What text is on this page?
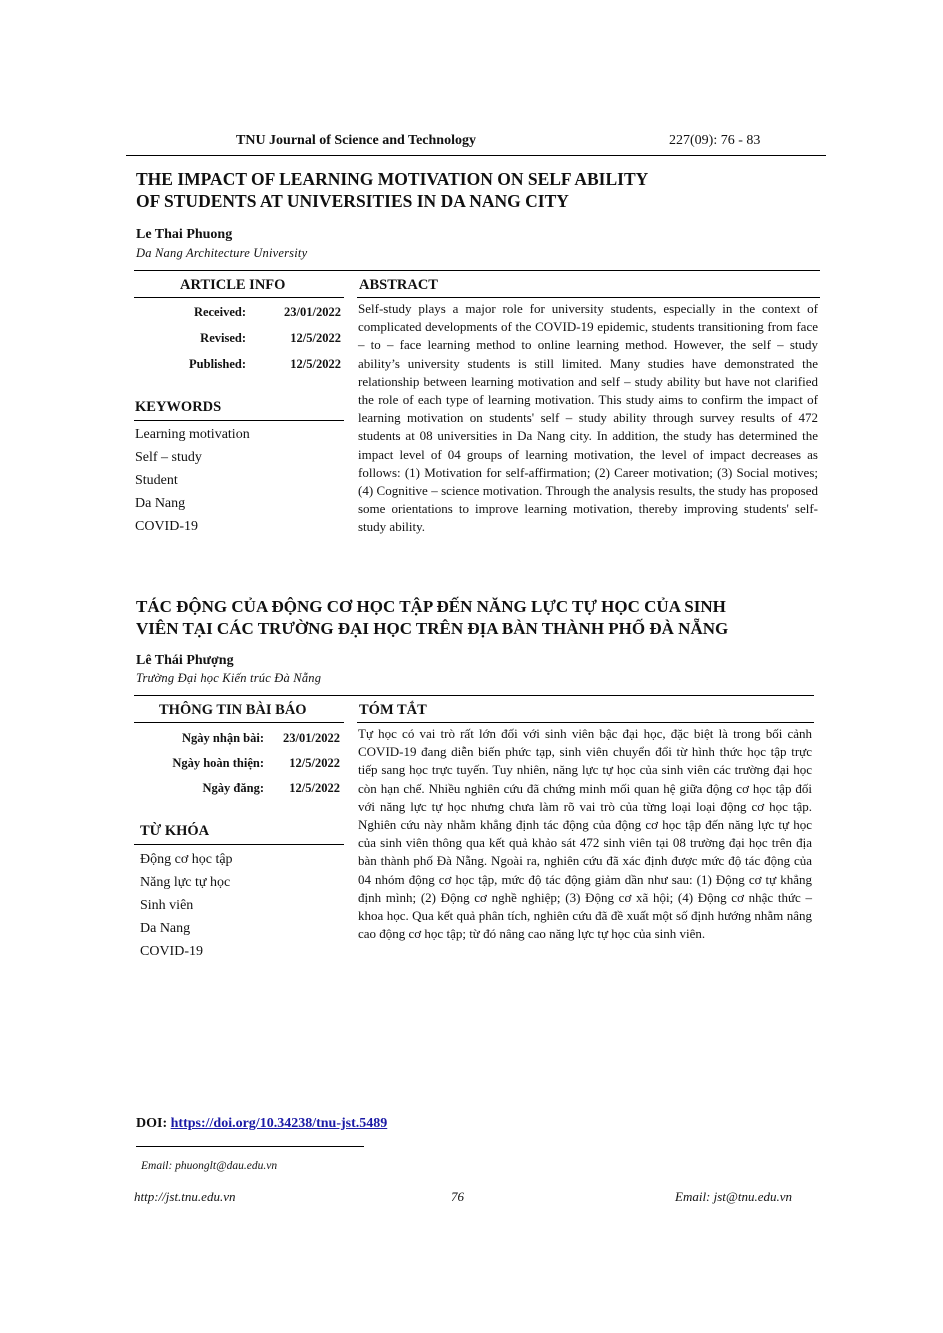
TNU Journal of Science and Technology	227(09): 76 - 83
THE IMPACT OF LEARNING MOTIVATION ON SELF ABILITY
OF STUDENTS AT UNIVERSITIES IN DA NANG CITY
Le Thai Phuong
Da Nang Architecture University
ARTICLE INFO	ABSTRACT
Received:	23/01/2022
Revised:	12/5/2022
Published:	12/5/2022
KEYWORDS
Learning motivation
Self – study
Student
Da Nang
COVID-19

Self-study plays a major role for university students, especially in the context of complicated developments of the COVID-19 epidemic, students transitioning from face – to – face learning method to online learning method. However, the self – study ability’s university students is still limited. Many studies have demonstrated the relationship between learning motivation and self – study ability but have not clarified the role of each type of learning motivation. This study aims to confirm the impact of learning motivation on students' self – study ability through survey results of 472 students at 08 universities in Da Nang city. In addition, the study has determined the impact level of 04 groups of learning motivation, the level of impact decreases as follows: (1) Motivation for self-affirmation; (2) Career motivation; (3) Social motives; (4) Cognitive – science motivation. Through the analysis results, the study has proposed some orientations to improve learning motivation, thereby improving students' self-study ability.

TÁC ĐỘNG CỦA ĐỘNG CƠ HỌC TẬP ĐẾN NĂNG LỰC TỰ HỌC CỦA SINH
VIÊN TẠI CÁC TRƯỜNG ĐẠI HỌC TRÊN ĐỊA BÀN THÀNH PHỐ ĐÀ NẴNG
Lê Thái Phượng
Trường Đại học Kiến trúc Đà Nẵng
THÔNG TIN BÀI BÁO	TÓM TẮT
Ngày nhận bài:	23/01/2022
Ngày hoàn thiện:	12/5/2022
Ngày đăng:	12/5/2022
TỪ KHÓA
Động cơ học tập
Năng lực tự học
Sinh viên
Da Nang
COVID-19

Tự học có vai trò rất lớn đối với sinh viên bậc đại học, đặc biệt là trong bối cảnh COVID-19 đang diễn biến phức tạp, sinh viên chuyển đổi từ hình thức học tập trực tiếp sang học trực tuyến. Tuy nhiên, năng lực tự học của sinh viên các trường đại học còn hạn chế. Nhiều nghiên cứu đã chứng minh mối quan hệ giữa động cơ học tập đối với năng lực tự học nhưng chưa làm rõ vai trò của từng loại loại động cơ học tập. Nghiên cứu này nhằm khẳng định tác động của động cơ học tập đến năng lực tự học của sinh viên thông qua kết quả khảo sát 472 sinh viên tại 08 trường đại học trên địa bàn thành phố Đà Nẵng. Ngoài ra, nghiên cứu đã xác định được mức độ tác động của 04 nhóm động cơ học tập, mức độ tác động giảm dần như sau: (1) Động cơ tự khẳng định mình; (2) Động cơ nghề nghiệp; (3) Động cơ xã hội; (4) Động cơ nhậc thức – khoa học. Qua kết quả phân tích, nghiên cứu đã đề xuất một số định hướng nhằm nâng cao động cơ học tập; từ đó nâng cao năng lực tự học của sinh viên.

DOI: https://doi.org/10.34238/tnu-jst.5489
Email: phuonglt@dau.edu.vn
http://jst.tnu.edu.vn	76	Email: jst@tnu.edu.vn
